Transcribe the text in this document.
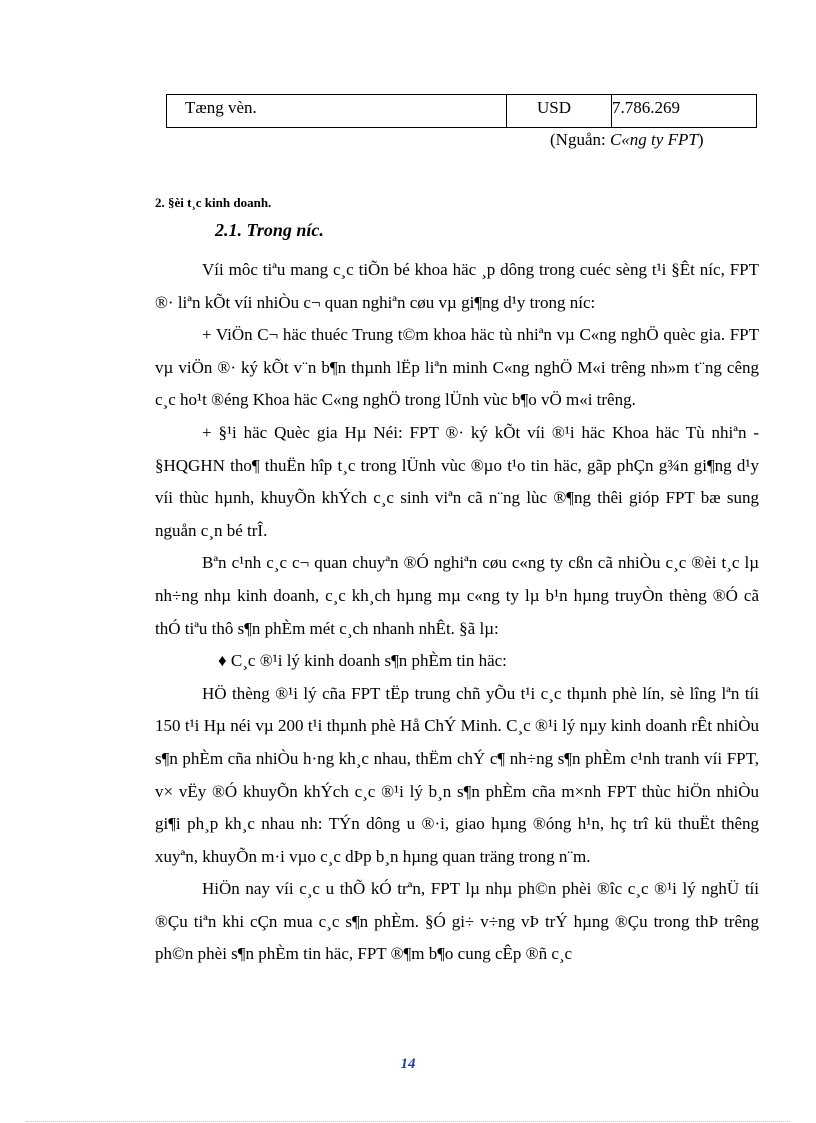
Tæng vèn.	USD 7.786.269
(Nguån: C«ng ty FPT)
2. §èi t¸c kinh doanh.
2.1. Trong níc.

Víi môc tiªu mang c¸c tiÕn bé khoa häc ¸p dông trong cuéc sèng t¹i §Êt níc, FPT ®· liªn kÕt víi nhiÒu c¬ quan nghiªn cøu vµ gi¶ng d¹y trong níc:

+ ViÖn C¬ häc thuéc Trung t©m khoa häc tù nhiªn vµ C«ng nghÖ quèc gia. FPT vµ viÖn ®· ký kÕt v¨n b¶n thµnh lËp liªn minh C«ng nghÖ M«i trêng nh»m t¨ng cêng c¸c ho¹t ®éng Khoa häc C«ng nghÖ trong lÜnh vùc b¶o vÖ m«i trêng.

+ §¹i häc Quèc gia Hµ Néi: FPT ®· ký kÕt víi ®¹i häc Khoa häc Tù nhiªn - §HQGHN tho¶ thuËn hîp t¸c trong lÜnh vùc ®µo t¹o tin häc, gãp phÇn g¾n gi¶ng d¹y víi thùc hµnh, khuyÕn khÝch c¸c sinh viªn cã n¨ng lùc ®¶ng thêi gióp FPT bæ sung nguån c¸n bé trÎ.

Bªn c¹nh c¸c c¬ quan chuyªn ®Ó nghiªn cøu c«ng ty cßn cã nhiÒu c¸c ®èi t¸c lµ nh÷ng nhµ kinh doanh, c¸c kh¸ch hµng mµ c«ng ty lµ b¹n hµng truyÒn thèng ®Ó cã thÓ tiªu thô s¶n phÈm mét c¸ch nhanh nhÊt. §ã lµ:

♦ C¸c ®¹i lý kinh doanh s¶n phÈm tin häc:

HÖ thèng ®¹i lý cña FPT tËp trung chñ yÕu t¹i c¸c thµnh phè lín, sè lîng lªn tíi 150 t¹i Hµ néi vµ 200 t¹i thµnh phè Hå ChÝ Minh. C¸c ®¹i lý nµy kinh doanh rÊt nhiÒu s¶n phÈm cña nhiÒu h·ng kh¸c nhau, thËm chÝ c¶ nh÷ng s¶n phÈm c¹nh tranh víi FPT, v× vËy ®Ó khuyÕn khÝch c¸c ®¹i lý b¸n s¶n phÈm cña m×nh FPT thùc hiÖn nhiÒu gi¶i ph¸p kh¸c nhau nh: TÝn dông u ®·i, giao hµng ®óng h¹n, hç trî kü thuËt thêng xuyªn, khuyÕn m·i vµo c¸c dÞp b¸n hµng quan träng trong n¨m.

HiÖn nay víi c¸c u thÕ kÓ trªn, FPT lµ nhµ ph©n phèi ®îc c¸c ®¹i lý nghÜ tíi ®Çu tiªn khi cÇn mua c¸c s¶n phÈm. §Ó gi÷ v÷ng vÞ trÝ hµng ®Çu trong thÞ trêng ph©n phèi s¶n phÈm tin häc, FPT ®¶m b¶o cung cÊp ®ñ c¸c

14
